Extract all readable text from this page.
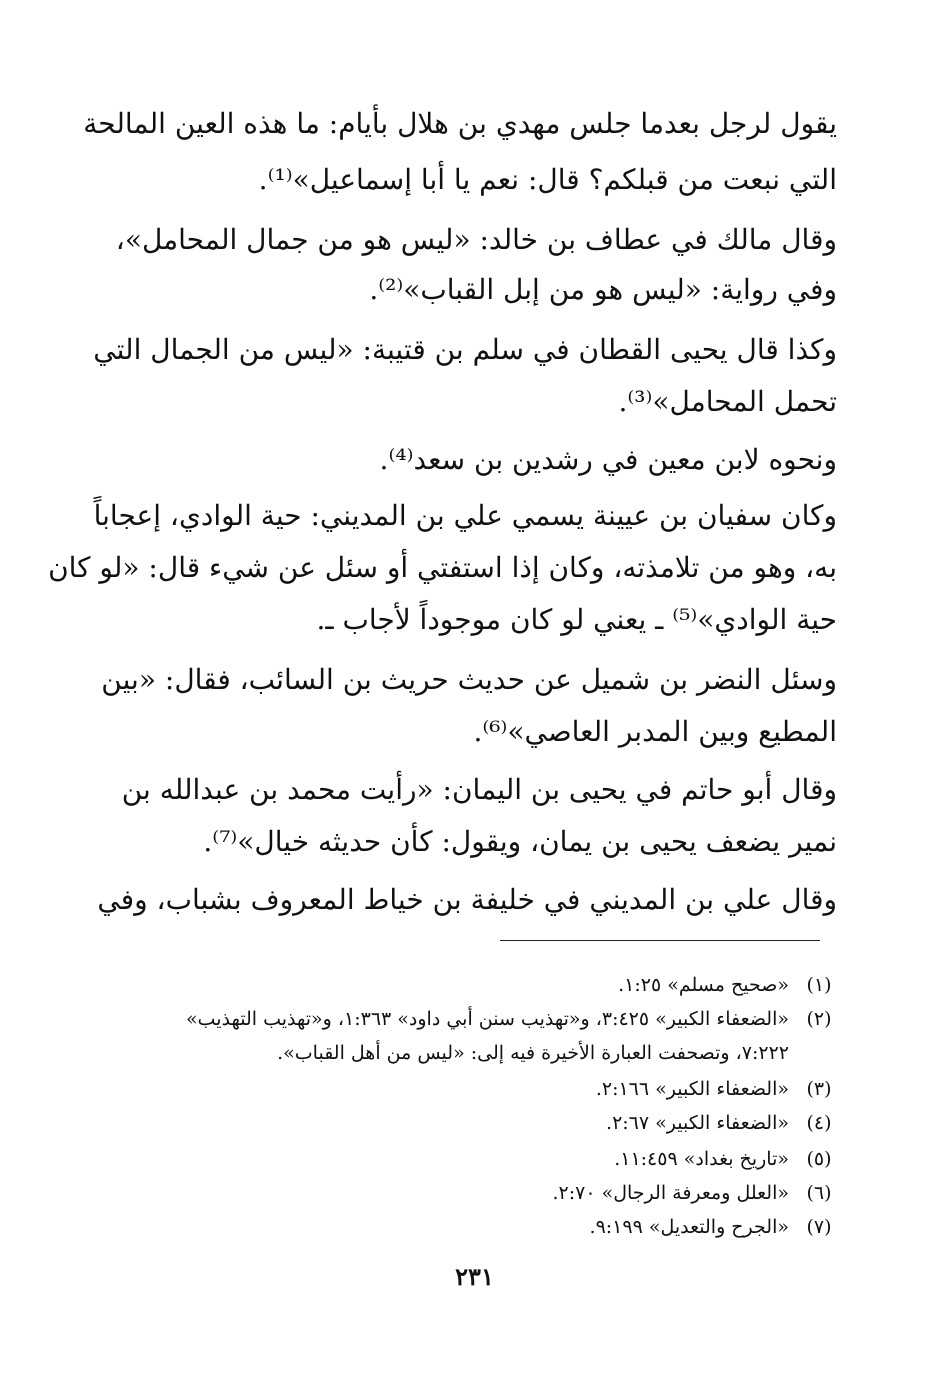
يقول لرجل بعدما جلس مهدي بن هلال بأيام: ما هذه العين المالحة
التي نبعت من قبلكم؟ قال: نعم يا أبا إسماعيل»⁽¹⁾.
وقال مالك في عطاف بن خالد: «ليس هو من جمال المحامل»،
وفي رواية: «ليس هو من إبل القباب»⁽²⁾.
وكذا قال يحيى القطان في سلم بن قتيبة: «ليس من الجمال التي
تحمل المحامل»⁽³⁾.
ونحوه لابن معين في رشدين بن سعد⁽⁴⁾.
وكان سفيان بن عيينة يسمي علي بن المديني: حية الوادي، إعجاباً
به، وهو من تلامذته، وكان إذا استفتي أو سئل عن شيء قال: «لو كان
حية الوادي»⁽⁵⁾ ـ يعني لو كان موجوداً لأجاب ـ.
وسئل النضر بن شميل عن حديث حريث بن السائب، فقال: «بين
المطيع وبين المدبر العاصي»⁽⁶⁾.
وقال أبو حاتم في يحيى بن اليمان: «رأيت محمد بن عبدالله بن
نمير يضعف يحيى بن يمان، ويقول: كأن حديثه خيال»⁽⁷⁾.
وقال علي بن المديني في خليفة بن خياط المعروف بشباب، وفي
(١)«صحيح مسلم» ١:٢٥.
(٢)«الضعفاء الكبير» ٣:٤٢٥، و«تهذيب سنن أبي داود» ١:٣٦٣، و«تهذيب التهذيب»
٧:٢٢٢، وتصحفت العبارة الأخيرة فيه إلى: «ليس من أهل القباب».
(٣)«الضعفاء الكبير» ٢:١٦٦.
(٤)«الضعفاء الكبير» ٢:٦٧.
(٥)«تاريخ بغداد» ١١:٤٥٩.
(٦)«العلل ومعرفة الرجال» ٢:٧٠.
(٧)«الجرح والتعديل» ٩:١٩٩.
٢٣١
